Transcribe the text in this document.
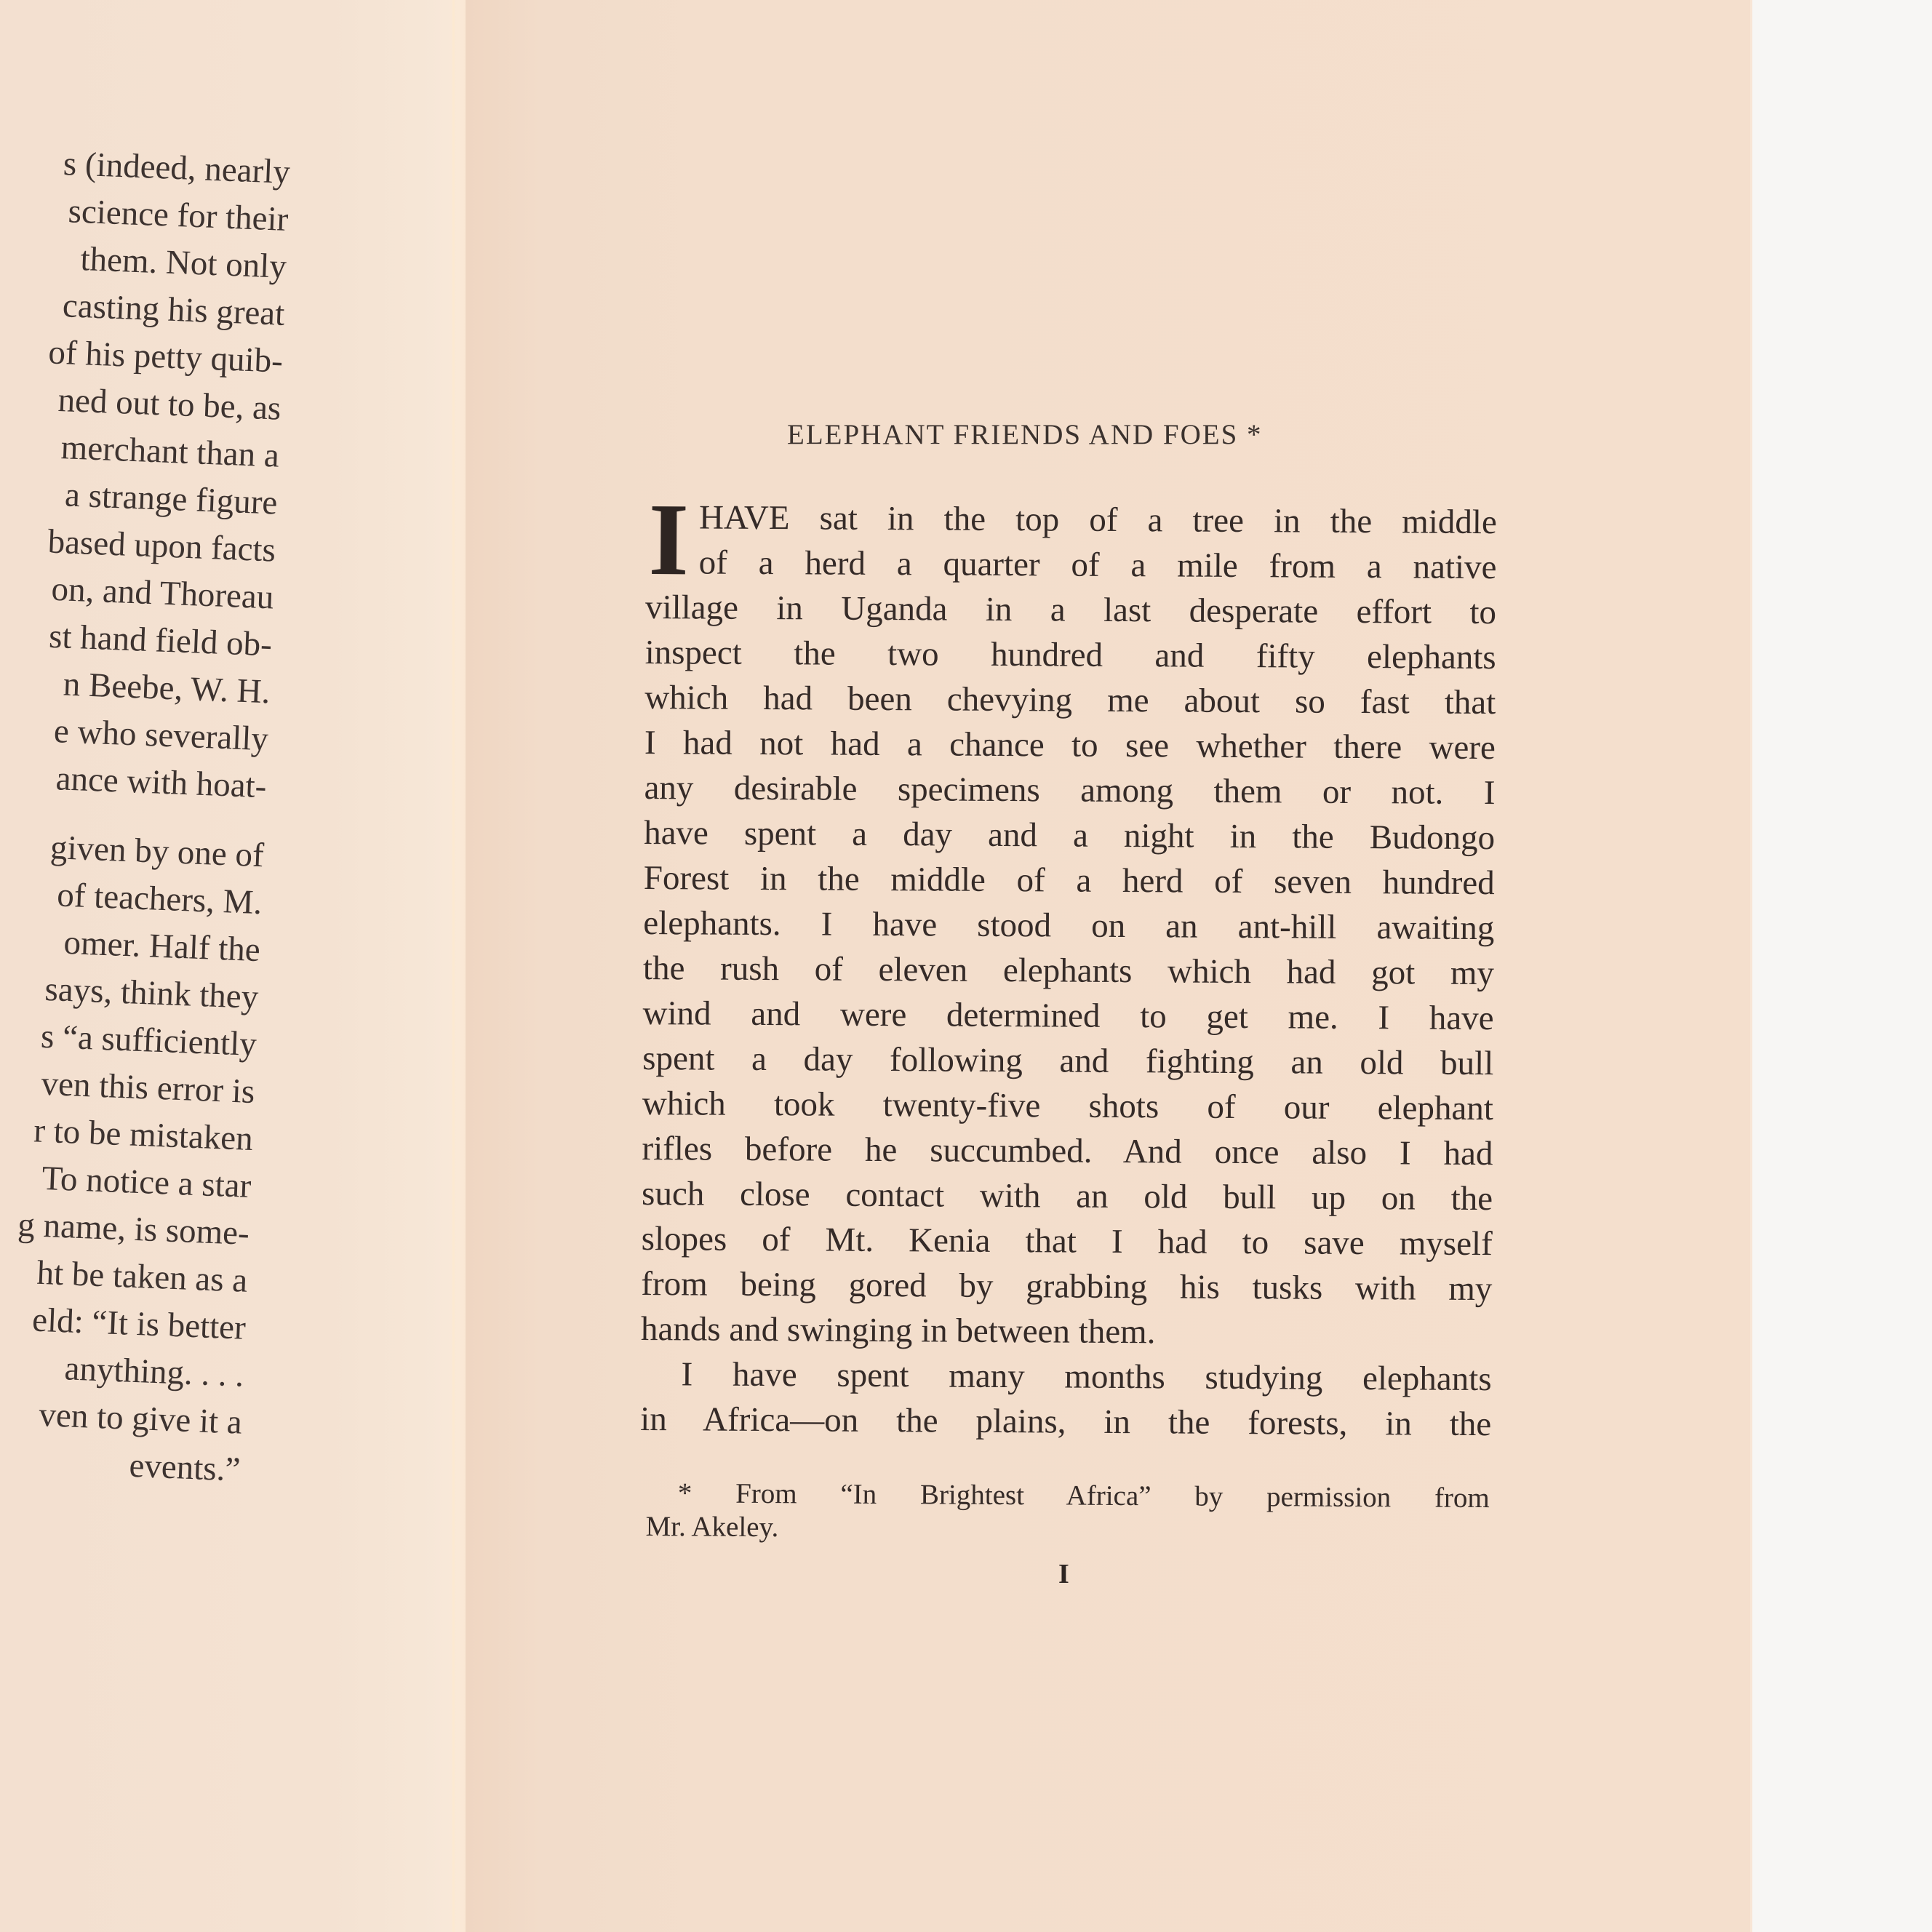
s (indeed, nearly
science for their
them. Not only
casting his great
of his petty quib-
ned out to be, as
merchant than a
a strange figure
based upon facts
on, and Thoreau
st hand field ob-
n Beebe, W. H.
e who severally
ance with hoat-
given by one of
of teachers, M.
omer. Half the
says, think they
s “a sufficiently
ven this error is
r to be mistaken
To notice a star
g name, is some-
ht be taken as a
eld: “It is better
anything. . . .
ven to give it a
events.”
ELEPHANT FRIENDS AND FOES *
I HAVE sat in the top of a tree in the middle
of a herd a quarter of a mile from a native
village in Uganda in a last desperate effort to
inspect the two hundred and fifty elephants
which had been chevying me about so fast that
I had not had a chance to see whether there were
any desirable specimens among them or not. I
have spent a day and a night in the Budongo
Forest in the middle of a herd of seven hundred
elephants. I have stood on an ant-hill awaiting
the rush of eleven elephants which had got my
wind and were determined to get me. I have
spent a day following and fighting an old bull
which took twenty-five shots of our elephant
rifles before he succumbed. And once also I had
such close contact with an old bull up on the
slopes of Mt. Kenia that I had to save myself
from being gored by grabbing his tusks with my
hands and swinging in between them.
I have spent many months studying elephants
in Africa—on the plains, in the forests, in the
* From “In Brightest Africa” by permission from
Mr. Akeley.
I
